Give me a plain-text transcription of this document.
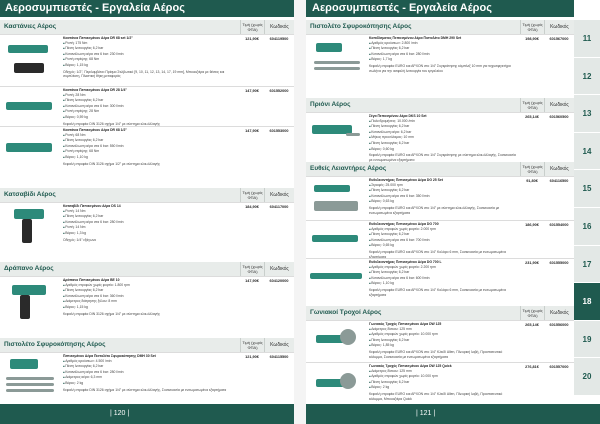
Αεροσυμπιεστές - Εργαλεία Αέρος	Αεροσυμπιεστές - Εργαλεία Αέρος
Καστάνιες Αέρος	Τιμή (χωρίς ΦΠΑ)	Κωδικός
Καστάνια Πεπιεσμένου Αέρα DR 68 set 1/2"
■ Ροπή: 175 Nm
■ Πίεση λειτουργίας 6,2 bar
■ Κατανάλωση αέρα στα 6 bar: 230 l/min
■ Ροπή στρέψης: 68 Nm
■ Βάρος: 1,15 kg
Οδηγός: 1/2", Περιλαμβάνει Πρίσμα Στιλβωτικό [9, 10, 11, 12, 13, 14, 17, 19 mm], Μπουαζιέρα με θέσεις και συμπλέκτη, Πλαστική θήκη μεταφοράς
121,90€	604119500
Καστάνια Πεπιεσμένου Αέρα DR 28 1/4"
■ Ροπή: 28 Nm
■ Πίεση λειτουργίας 6,2 bar
■ Κατανάλωση αέρα στα 6 bar: 300 l/min
■ Ροπή στρέψης: 28 Nm
■ Βάρος: 0,59 kg
Κεφαλή στροφέα DIN 3126 σχήμα 1/4" με σύστημα κλικ-άλλαγής
147,90€	601552000
Καστάνια Πεπιεσμένου Αέρα DR 68 1/2"
■ Ροπή: 68 Nm
■ Πίεση λειτουργίας 6,2 bar
■ Κατανάλωση αέρα στα 6 bar: 550 l/min
■ Ροπή στρέψης: 68 Nm
■ Βάρος: 1,10 kg
Κεφαλή στροφέα DIN 3126 σχήμα 1/2" με σύστημα κλικ-άλλαγής
147,90€	601553000
Κατσαβίδι Αέρος	Τιμή (χωρίς ΦΠΑ)	Κωδικός
Κατσαβίδι Πεπιεσμένου Αέρα DS 14
■ Ροπή: 14 Nm
■ Πίεση λειτουργίας 6,2 bar
■ Κατανάλωση αέρα στα 6 bar: 280 l/min
■ Ροπή: 14 Nm
■ Βάρος: 1,3 kg
Οδηγός: 1/4" εξάγωνο
184,90€	604117000
Δράπανο Αέρος	Τιμή (χωρίς ΦΠΑ)	Κωδικός
Δράπανο Πεπιεσμένου Αέρα BE 10
■ Αριθμός στροφών χωρίς φορτίο: 1.800 rpm
■ Πίεση λειτουργίας 6,2 bar
■ Κατανάλωση αέρα στα 6 bar: 360 l/min
■ Διάμετρος διάτρησης ξύλου: 8 mm
■ Βάρος: 1,15 kg
Κεφαλή στροφέα DIN 3126 σχήμα 1/4" με σύστημα κλικ-άλλαγής
147,90€	604120000
Πιστολέτο Σφυροκόπησης Αέρος	Τιμή (χωρίς ΦΠΑ)	Κωδικός
Πεπιεσμένου Αέρα Πιστολέτο Σφυροκόπησης DMH 30 Set
■ Αριθμός κρούσεων: 4.500 /min
■ Πίεση λειτουργίας 6,2 bar
■ Κατανάλωση αέρα στα 6 bar: 280 l/min
■ Διάμετρος αέρα: 6,3 mm
■ Βάρος: 2 kg
Κεφαλή στροφέα DIN 3126 σχήμα 1/4" με σύστημα κλικ-άλλαγής, Συσκευασία με ενσωματωμένα εξαρτήματα
121,90€	604115500
Πιστολέτο Σφυροκόπησης Αέρος	Τιμή (χωρίς ΦΠΑ)	Κωδικός
Κοπιδίσματος Πεπιεσμένου Αέρα Πιστολέτο DMH 290 Set
■ Αριθμός κρούσεων: 2.800 /min
■ Πίεση λειτουργίας 6,2 bar
■ Κατανάλωση αέρα στα 6 bar: 280 l/min
■ Βάρος: 1,7 kg
Κεφαλή στροφέα EURO και ΑΡΧΟΝ στο 1/4" Συγκράτησης κόμπλεξ 10 mm για ταχυσφιγκτήρα σωλήνα για την ασφαλή λειτουργία του εργαλείου
198,90€	601567000
Πριόνι Αέρος	Τιμή (χωρίς ΦΠΑ)	Κωδικός
Σέγα Πεπιεσμένου Αέρα DKS 10 Set
■ Παλινδρομήσεις: 10.000 /min
■ Πίεση λειτουργίας 6,2 bar
■ Κατανάλωση αέρα: 6,2 bar
■ Μήκος πριονόλαμας: 10 mm
■ Πίεση λειτουργίας 6,2 bar
■ Βάρος: 0,60 kg
Κεφαλή στροφέα EURO και ΑΡΧΟΝ στο 1/4" Συγκράτησης με σύστημα κλικ-άλλαγής, Συσκευασία με ενσωματωμένα εξαρτήματα
265,14€	601560500
Ευθείς Λειαντήρες Αέρος	Τιμή (χωρίς ΦΠΑ)	Κωδικός
Ευθυλειαντήρας Πεπιεσμένου Αέρα DG 25 Set
■ Στροφές: 25.000 rpm
■ Πίεση λειτουργίας 6,2 bar
■ Κατανάλωση αέρα στα 6 bar: 350 l/min
■ Βάρος: 0,63 kg
Κεφαλή στροφέα EURO και ΑΡΧΟΝ στο 1/4" με σύστημα κλικ-άλλαγής, Συσκευασία με ενσωματωμένα εξαρτήματα
91,80€	604116500
Ευθυλειαντήρας Πεπιεσμένου Αέρα DG 700
■ Αριθμός στροφών χωρίς φορτίο: 2.000 rpm
■ Πίεση λειτουργίας 6,2 bar
■ Κατανάλωση αέρα στα 6 bar: 700 l/min
■ Βάρος: 0,65 kg
Κεφαλή στροφέα EURO και ΑΡΧΟΝ στο 1/4" Κολάρο 6 mm, Συσκευασία με ενσωματωμένα εξαρτήματα
186,90€	601554000
Ευθυλειαντήρας Πεπιεσμένου Αέρα DG 700 L
■ Αριθμός στροφών χωρίς φορτίο: 2.200 rpm
■ Πίεση λειτουργίας 6,2 bar
■ Κατανάλωση αέρα στα 6 bar: 600 l/min
■ Βάρος: 1,10 kg
Κεφαλή στροφέα EURO και ΑΡΧΟΝ στο 1/4" Κολάρο 6 mm, Συσκευασία με ενσωματωμένα εξαρτήματα
231,90€	601555000
Γωνιακοί Τροχοί Αέρος	Τιμή (χωρίς ΦΠΑ)	Κωδικός
Γωνιακός Τροχός Πεπιεσμένου Αέρα DW 125
■ Διάμετρος δίσκου: 125 mm
■ Αριθμός στροφών χωρίς φορτίο: 10.000 rpm
■ Πίεση λειτουργίας 6,2 bar
■ Βάρος: 1,85 kg
Κεφαλή στροφέα EURO και ΑΡΧΟΝ στο 1/4" Κλειδί Allen, Πλευρική λαβή, Προστατευτικό κάλυμμα, Συσκευασία με ενσωματωμένα εξαρτήματα
265,14€	601556000
Γωνιακός Τροχός Πεπιεσμένου Αέρα DW 125 Quick
■ Διάμετρος δίσκου: 125 mm
■ Αριθμός στροφών χωρίς φορτίο: 10.000 rpm
■ Πίεση λειτουργίας 6,2 bar
■ Βάρος: 2 kg
Κεφαλή στροφέα EURO και ΑΡΧΟΝ στο 1/4" Κλειδί Allen, Πλευρική λαβή, Προστατευτικό κάλυμμα, Μπουαζιέρα Quick
276,81€	601557000
11
12
13
14
15
16
17
18
19
20
| 120 |	| 121 |
